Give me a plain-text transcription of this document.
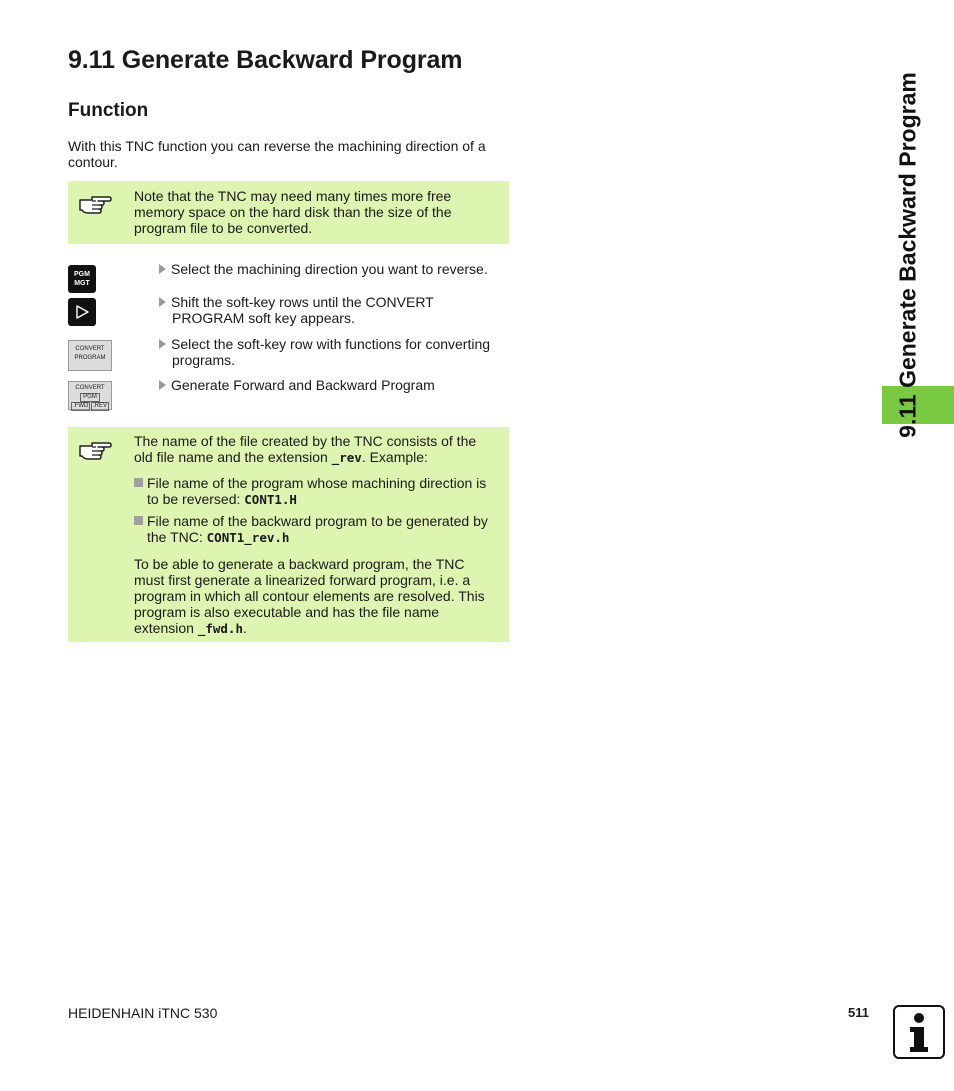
9.11 Generate Backward Program
Function
With this TNC function you can reverse the machining direction of a contour.

Note that the TNC may need many times more free

memory space on the hard disk than the size of the

program file to be converted.

PGM
MGT
CONVERT
PROGRAM
CONVERT
PGM
.FWD .REV
Select the machining direction you want to reverse.
Shift the soft-key rows until the CONVERT
PROGRAM soft key appears.
Select the soft-key row with functions for converting
programs.
Generate Forward and Backward Program

The name of the file created by the TNC consists of the

old file name and the extension _rev. Example:

File name of the program whose machining direction is

to be reversed: CONT1.H

File name of the backward program to be generated by

the TNC: CONT1_rev.h

To be able to generate a backward program, the TNC

must first generate a linearized forward program, i.e. a

program in which all contour elements are resolved. This

program is also executable and has the file name

extension _fwd.h.

9.11 Generate Backward Program
HEIDENHAIN iTNC 530	511
